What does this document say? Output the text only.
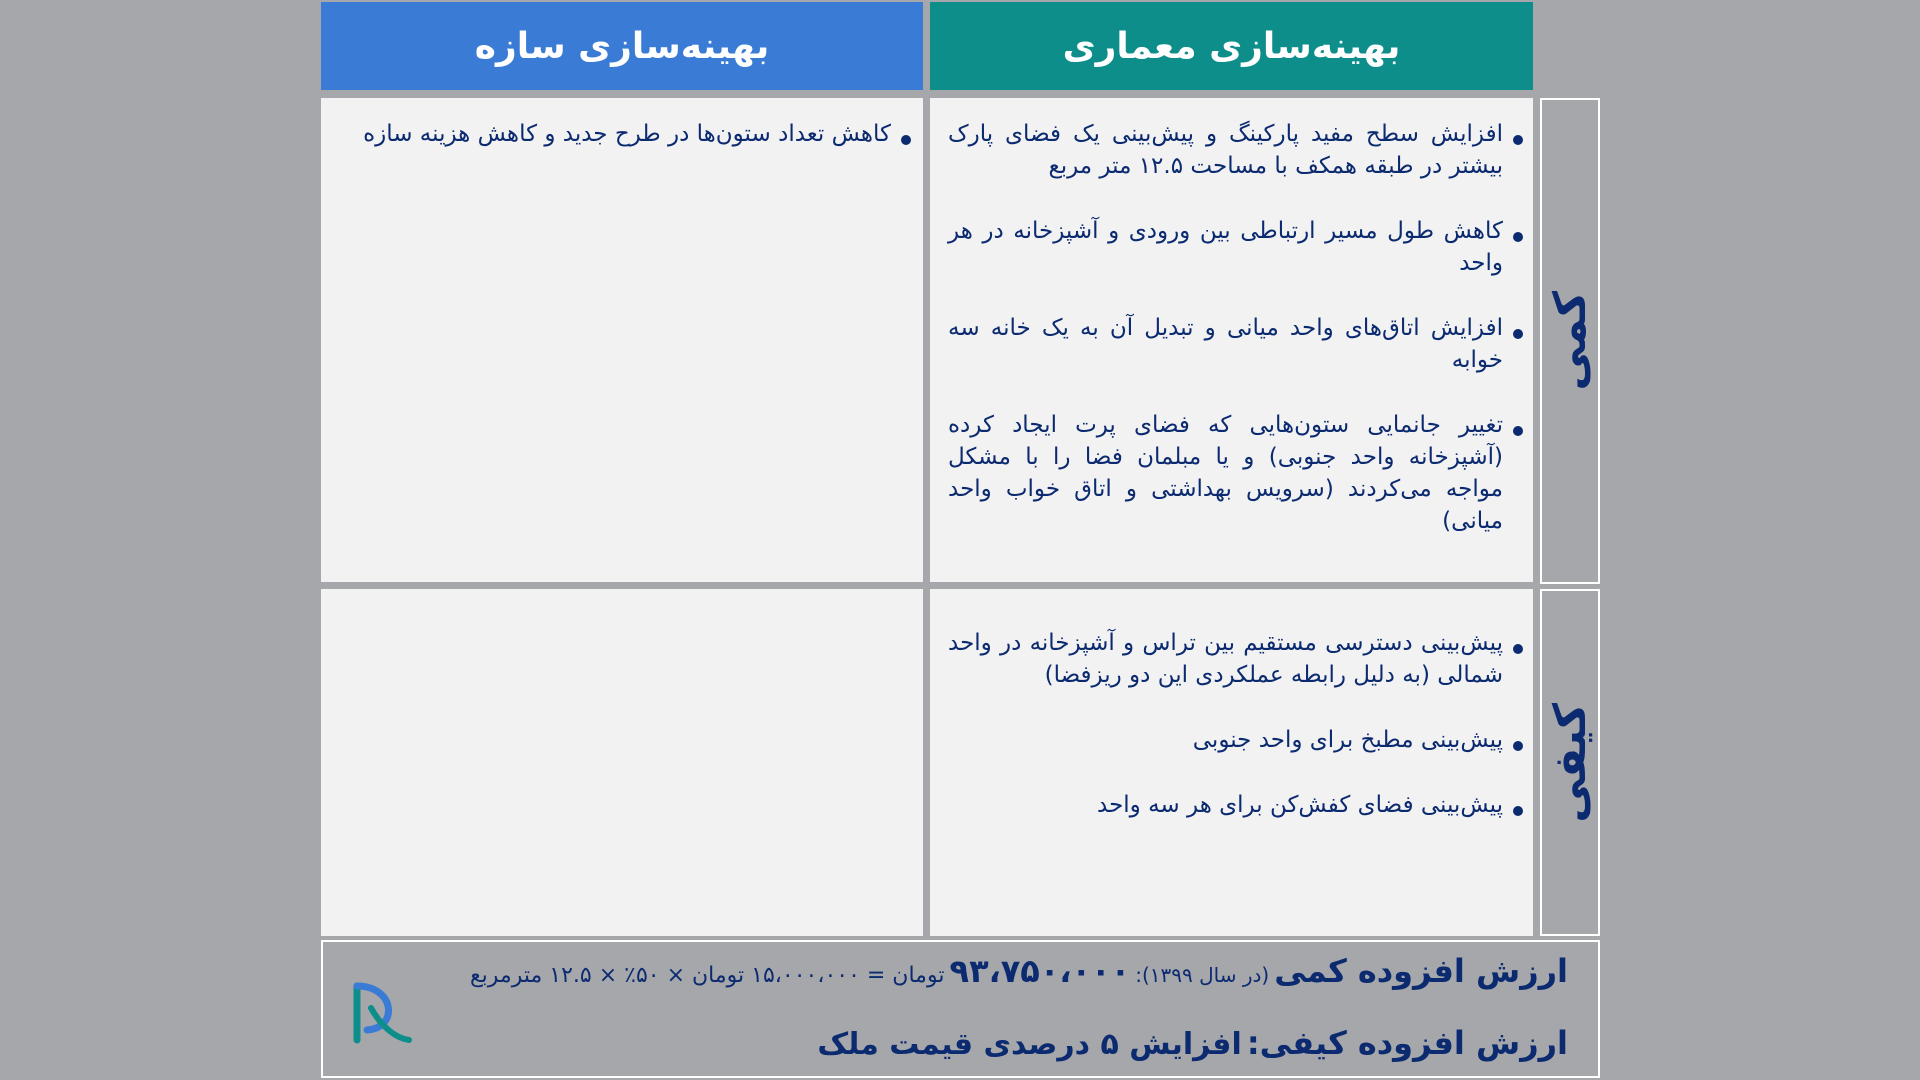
بهینه‌سازی معماری
بهینه‌سازی سازه
افزایش سطح مفید پارکینگ و پیش‌بینی یک فضای پارک بیشتر در طبقه همکف با مساحت ۱۲.۵ متر مربع
کاهش طول مسیر ارتباطی بین ورودی و آشپزخانه در هر واحد
افزایش اتاق‌های واحد میانی و تبدیل آن به یک خانه سه خوابه
تغییر جانمایی ستون‌هایی که فضای پرت ایجاد کرده (آشپزخانه واحد جنوبی) و یا مبلمان فضا را با مشکل مواجه می‌کردند (سرویس بهداشتی و اتاق خواب واحد میانی)
کاهش تعداد ستون‌ها در طرح جدید و کاهش هزینه سازه
کمی
پیش‌بینی دسترسی مستقیم بین تراس و آشپزخانه در واحد شمالی (به دلیل رابطه عملکردی این دو ریزفضا)
پیش‌بینی مطبخ برای واحد جنوبی
پیش‌بینی فضای کفش‌کن برای هر سه واحد کیفی
ارزش افزوده کمی (در سال ۱۳۹۹): ۹۳،۷۵۰،۰۰۰ تومان = ۱۵،۰۰۰،۰۰۰ تومان × ۵۰٪ × ۱۲.۵ مترمربع
ارزش افزوده کیفی: افزایش ۵ درصدی قیمت ملک
